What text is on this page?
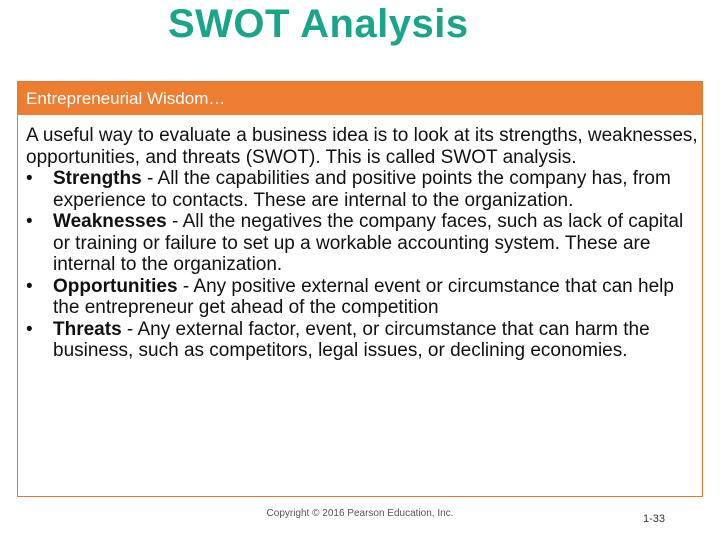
SWOT Analysis
Entrepreneurial Wisdom…

A useful way to evaluate a business idea is to look at its strengths, weaknesses, opportunities, and threats (SWOT). This is called SWOT analysis.

• Strengths - All the capabilities and positive points the company has, from experience to contacts. These are internal to the organization.
• Weaknesses - All the negatives the company faces, such as lack of capital or training or failure to set up a workable accounting system. These are internal to the organization.
• Opportunities - Any positive external event or circumstance that can help the entrepreneur get ahead of the competition
• Threats - Any external factor, event, or circumstance that can harm the business, such as competitors, legal issues, or declining economies.
Copyright © 2016 Pearson Education, Inc.	1-33
